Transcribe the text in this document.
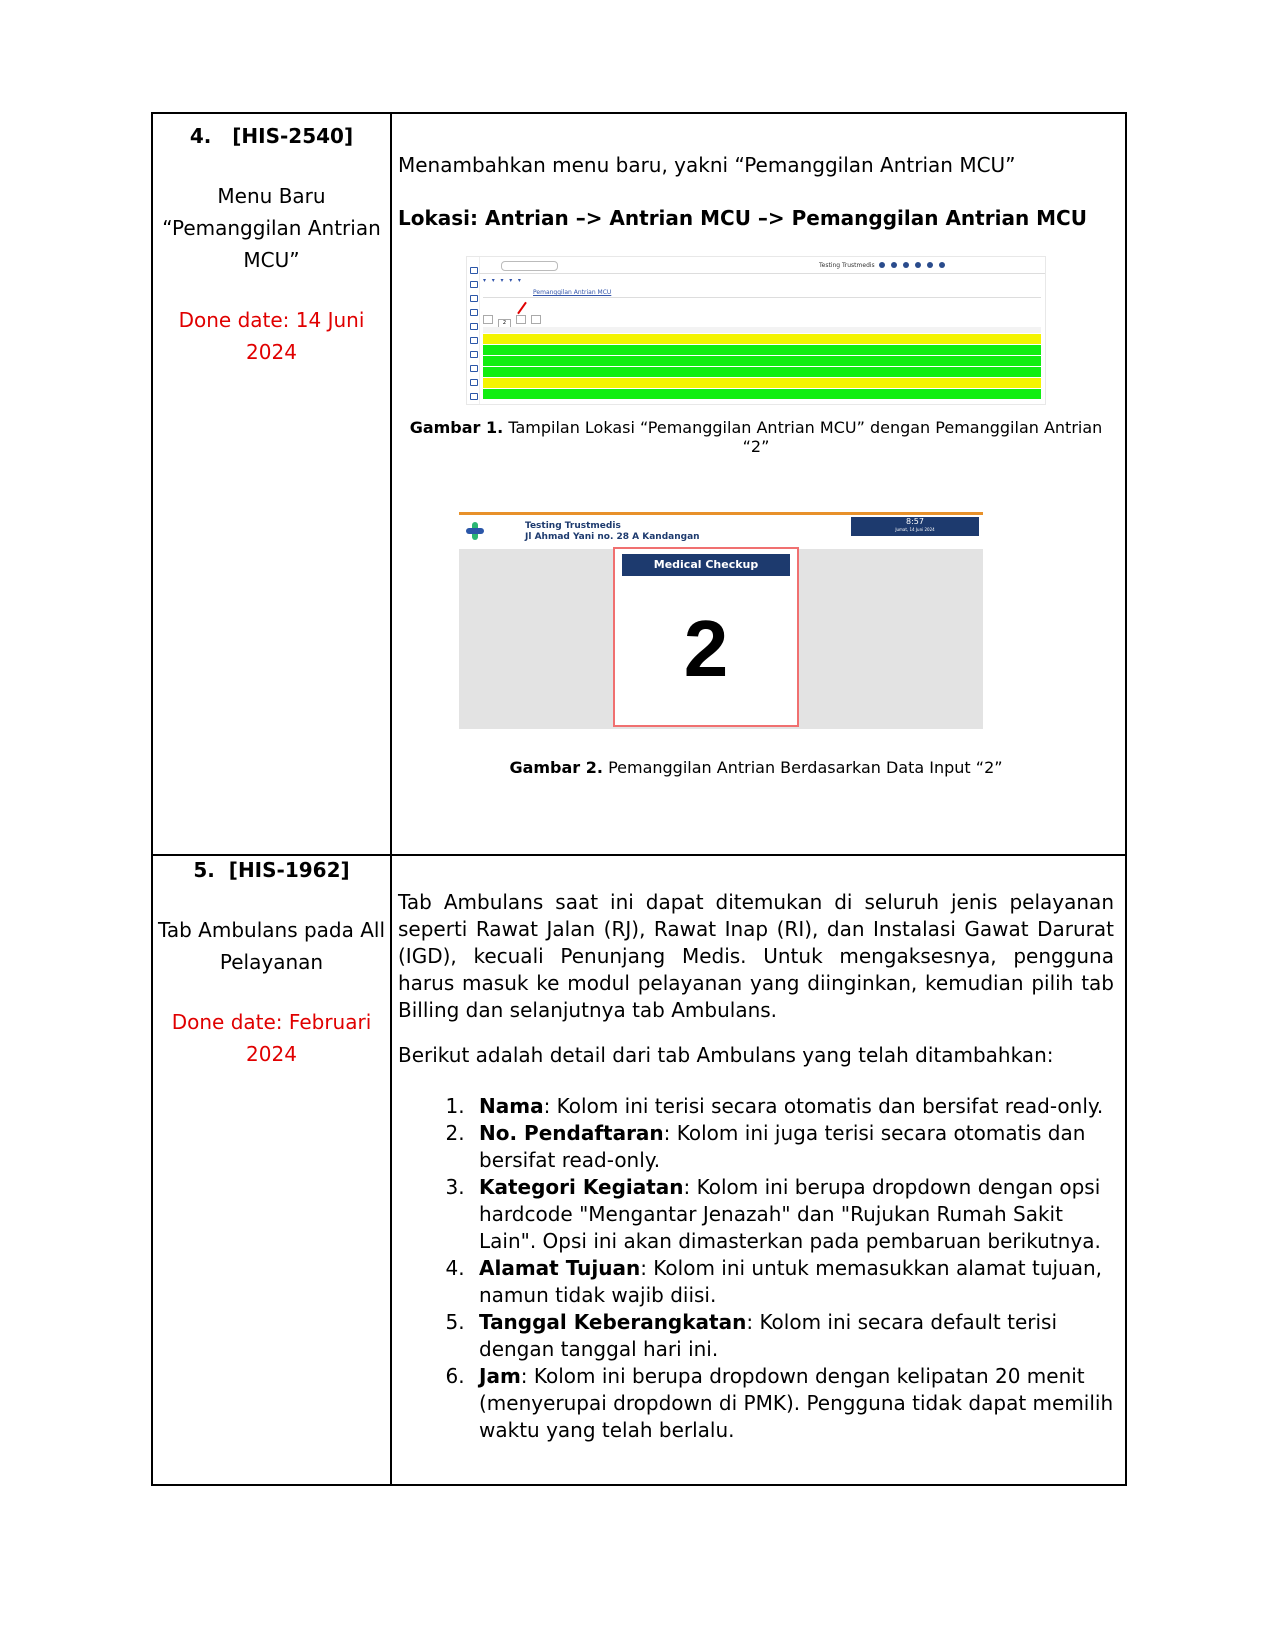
4. [HIS-2540]
Menu Baru
“Pemanggilan Antrian
MCU”
Done date: 14 Juni
2024
Menambahkan menu baru, yakni “Pemanggilan Antrian MCU”
Lokasi: Antrian –> Antrian MCU –> Pemanggilan Antrian MCU
Testing Trustmedis
▾   ▾   ▾   ▾   ▾
Pemanggilan Antrian MCU
2
Gambar 1. Tampilan Lokasi “Pemanggilan Antrian MCU” dengan Pemanggilan Antrian “2”
Testing Trustmedis
Jl Ahmad Yani no. 28 A Kandangan
8:57
Jumat, 14 Juni 2024
Medical Checkup
2
Gambar 2. Pemanggilan Antrian Berdasarkan Data Input “2”
5. [HIS-1962]
Tab Ambulans pada All
Pelayanan
Done date: Februari
2024
Tab Ambulans saat ini dapat ditemukan di seluruh jenis pelayanan seperti Rawat Jalan (RJ), Rawat Inap (RI), dan Instalasi Gawat Darurat (IGD), kecuali Penunjang Medis. Untuk mengaksesnya, pengguna harus masuk ke modul pelayanan yang diinginkan, kemudian pilih tab Billing dan selanjutnya tab Ambulans.
Berikut adalah detail dari tab Ambulans yang telah ditambahkan:
1. Nama: Kolom ini terisi secara otomatis dan bersifat read-only.
2. No. Pendaftaran: Kolom ini juga terisi secara otomatis dan bersifat read-only.
3. Kategori Kegiatan: Kolom ini berupa dropdown dengan opsi hardcode "Mengantar Jenazah" dan "Rujukan Rumah Sakit Lain". Opsi ini akan dimasterkan pada pembaruan berikutnya.
4. Alamat Tujuan: Kolom ini untuk memasukkan alamat tujuan, namun tidak wajib diisi.
5. Tanggal Keberangkatan: Kolom ini secara default terisi dengan tanggal hari ini.
6. Jam: Kolom ini berupa dropdown dengan kelipatan 20 menit (menyerupai dropdown di PMK). Pengguna tidak dapat memilih waktu yang telah berlalu.
